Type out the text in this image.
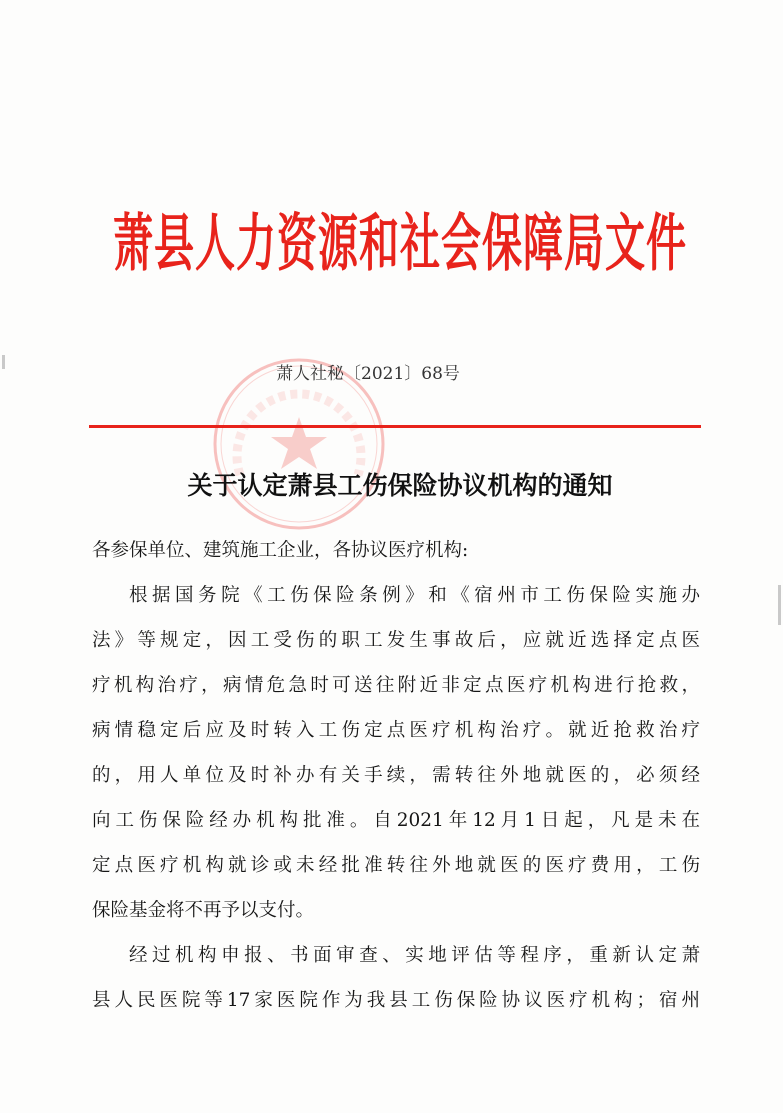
萧县人力资源和社会保障局文件
萧人社秘〔2021〕68号
关于认定萧县工伤保险协议机构的通知
各参保单位、建筑施工企业，各协议医疗机构:
根据国务院《工伤保险条例》和《宿州市工伤保险实施办
法》等规定，因工受伤的职工发生事故后，应就近选择定点医
疗机构治疗，病情危急时可送往附近非定点医疗机构进行抢救，
病情稳定后应及时转入工伤定点医疗机构治疗。就近抢救治疗
的，用人单位及时补办有关手续，需转往外地就医的，必须经
向工伤保险经办机构批准。自2021年12月1日起，凡是未在
定点医疗机构就诊或未经批准转往外地就医的医疗费用，工伤
保险基金将不再予以支付。
经过机构申报、书面审查、实地评估等程序，重新认定萧
县人民医院等17家医院作为我县工伤保险协议医疗机构；宿州
